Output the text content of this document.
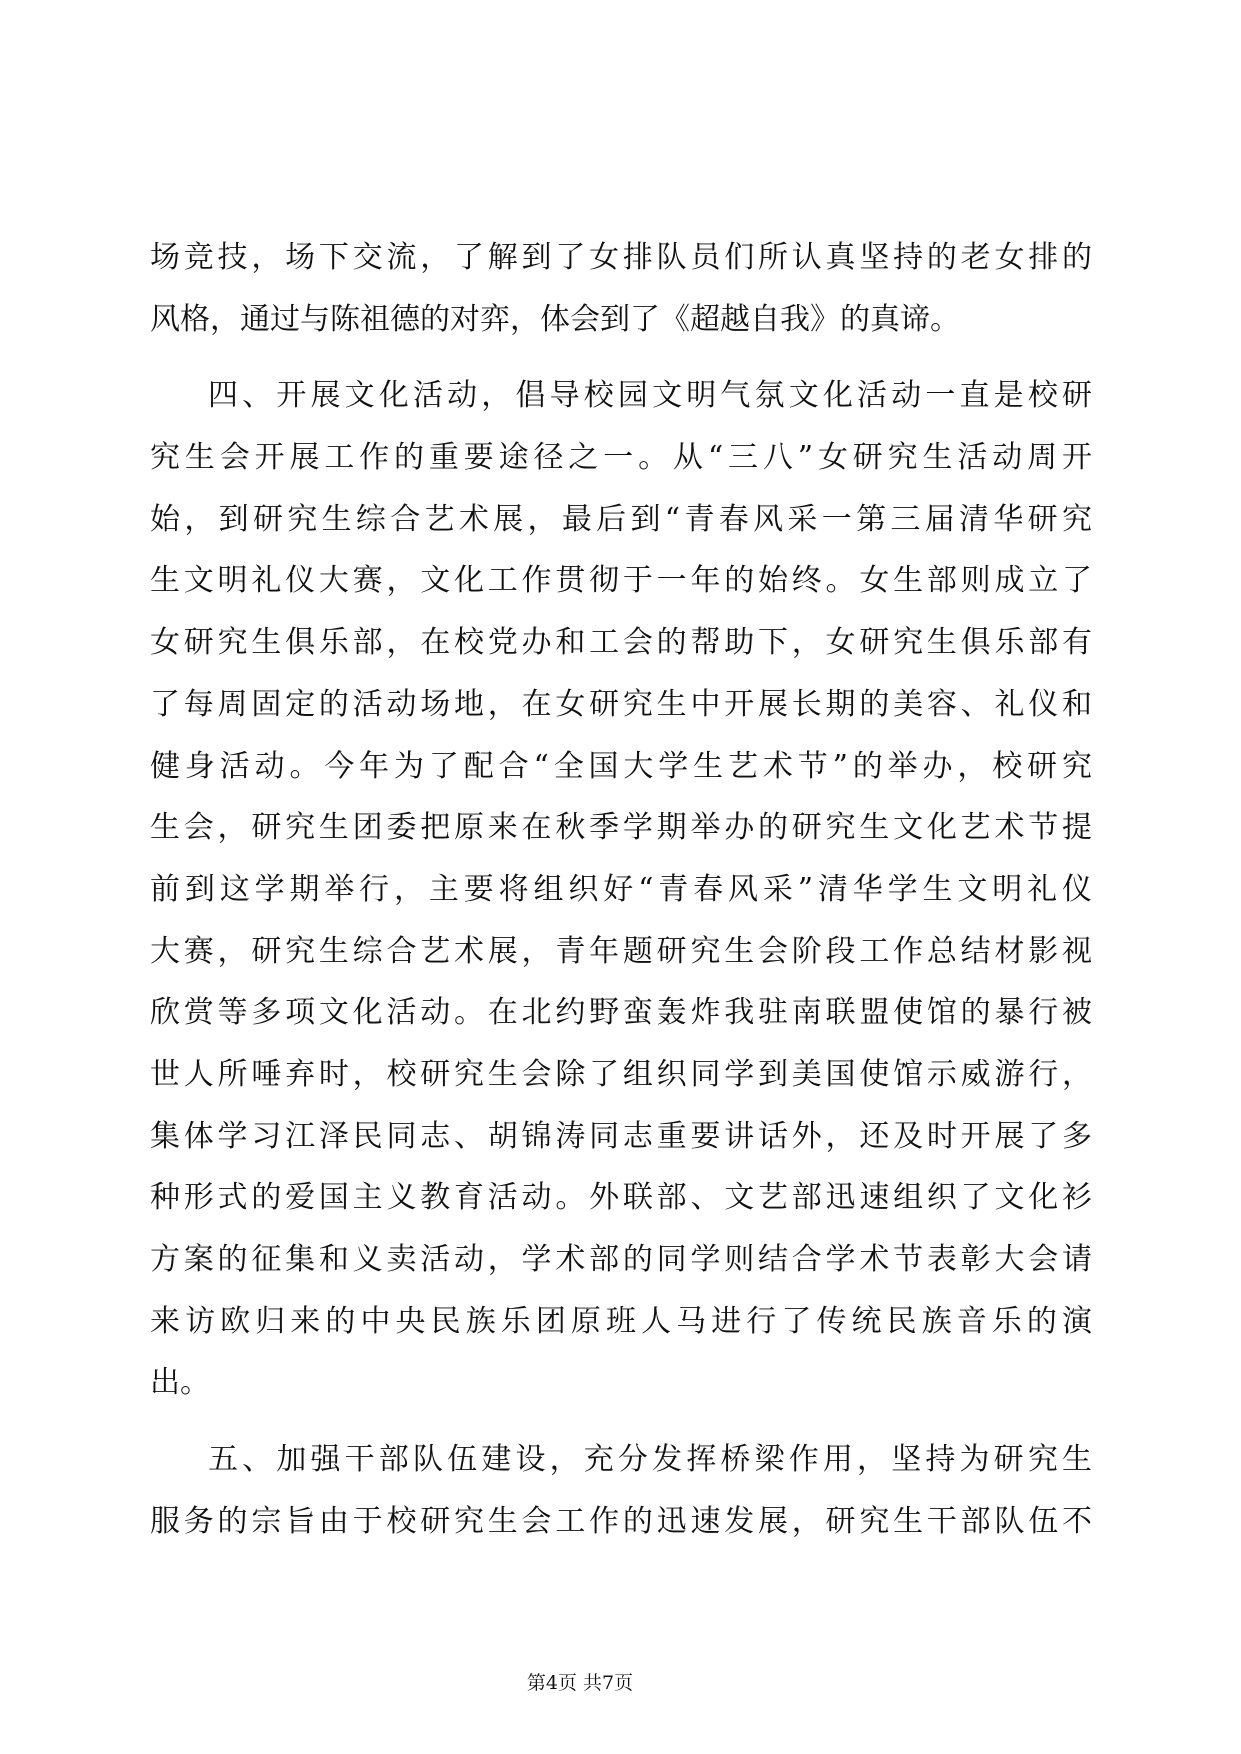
场竞技，场下交流，了解到了女排队员们所认真坚持的老女排的
风格，通过与陈祖德的对弈，体会到了《超越自我》的真谛。
四、开展文化活动，倡导校园文明气氛文化活动一直是校研
究生会开展工作的重要途径之一。从“三八”女研究生活动周开
始，到研究生综合艺术展，最后到“青春风采一第三届清华研究
生文明礼仪大赛，文化工作贯彻于一年的始终。女生部则成立了
女研究生俱乐部，在校党办和工会的帮助下，女研究生俱乐部有
了每周固定的活动场地，在女研究生中开展长期的美容、礼仪和
健身活动。今年为了配合“全国大学生艺术节”的举办，校研究
生会，研究生团委把原来在秋季学期举办的研究生文化艺术节提
前到这学期举行，主要将组织好“青春风采”清华学生文明礼仪
大赛，研究生综合艺术展，青年题研究生会阶段工作总结材影视
欣赏等多项文化活动。在北约野蛮轰炸我驻南联盟使馆的暴行被
世人所唾弃时，校研究生会除了组织同学到美国使馆示威游行，
集体学习江泽民同志、胡锦涛同志重要讲话外，还及时开展了多
种形式的爱国主义教育活动。外联部、文艺部迅速组织了文化衫
方案的征集和义卖活动，学术部的同学则结合学术节表彰大会请
来访欧归来的中央民族乐团原班人马进行了传统民族音乐的演
出。
五、加强干部队伍建设，充分发挥桥梁作用，坚持为研究生
服务的宗旨由于校研究生会工作的迅速发展，研究生干部队伍不
第4页 共7页
